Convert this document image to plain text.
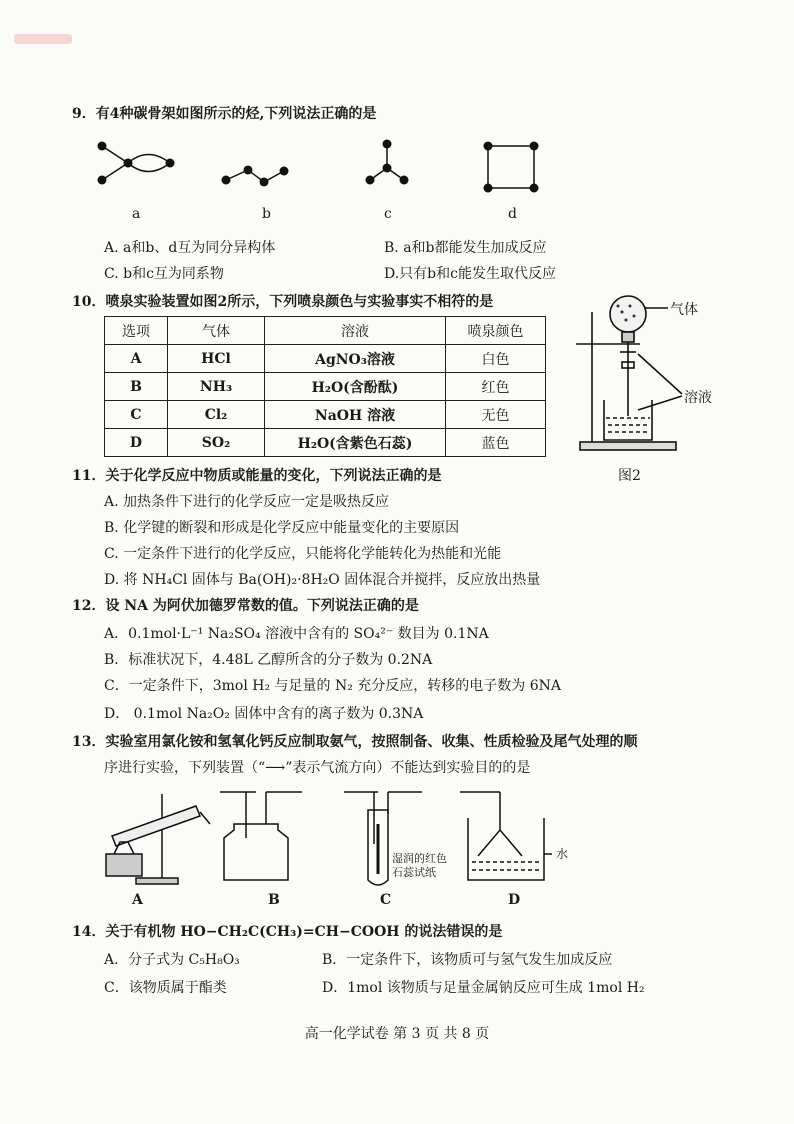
9．有4种碳骨架如图所示的烃,下列说法正确的是
a	b	c	d
A. a和b、d互为同分异构体	B. a和b都能发生加成反应
C. b和c互为同系物	D.只有b和c能发生取代反应
10．喷泉实验装置如图2所示，下列喷泉颜色与实验事实不相符的是
选项	气体	溶液	喷泉颜色
A	HCl	AgNO₃溶液	白色
B	NH₃	H₂O(含酚酞)	红色
C	Cl₂	NaOH 溶液	无色
D	SO₂	H₂O(含紫色石蕊)	蓝色
气体
溶液
图2
11．关于化学反应中物质或能量的变化，下列说法正确的是
A. 加热条件下进行的化学反应一定是吸热反应
B. 化学键的断裂和形成是化学反应中能量变化的主要原因
C. 一定条件下进行的化学反应，只能将化学能转化为热能和光能
D. 将 NH₄Cl 固体与 Ba(OH)₂·8H₂O 固体混合并搅拌，反应放出热量
12．设 NA 为阿伏加德罗常数的值。下列说法正确的是
A．0.1mol·L⁻¹ Na₂SO₄ 溶液中含有的 SO₄²⁻ 数目为 0.1NA
B．标准状况下，4.48L 乙醇所含的分子数为 0.2NA
C．一定条件下，3mol H₂ 与足量的 N₂ 充分反应，转移的电子数为 6NA
D． 0.1mol Na₂O₂ 固体中含有的离子数为 0.3NA
13．实验室用氯化铵和氢氧化钙反应制取氨气，按照制备、收集、性质检验及尾气处理的顺
序进行实验，下列装置（“⟶”表示气流方向）不能达到实验目的的是
A	B	C	D
湿润的红色
石蕊试纸
水
14．关于有机物 HO−CH₂C(CH₃)=CH−COOH 的说法错误的是
A．分子式为 C₅H₈O₃	B．一定条件下，该物质可与氢气发生加成反应
C．该物质属于酯类	D．1mol 该物质与足量金属钠反应可生成 1mol H₂
高一化学试卷 第 3 页 共 8 页
